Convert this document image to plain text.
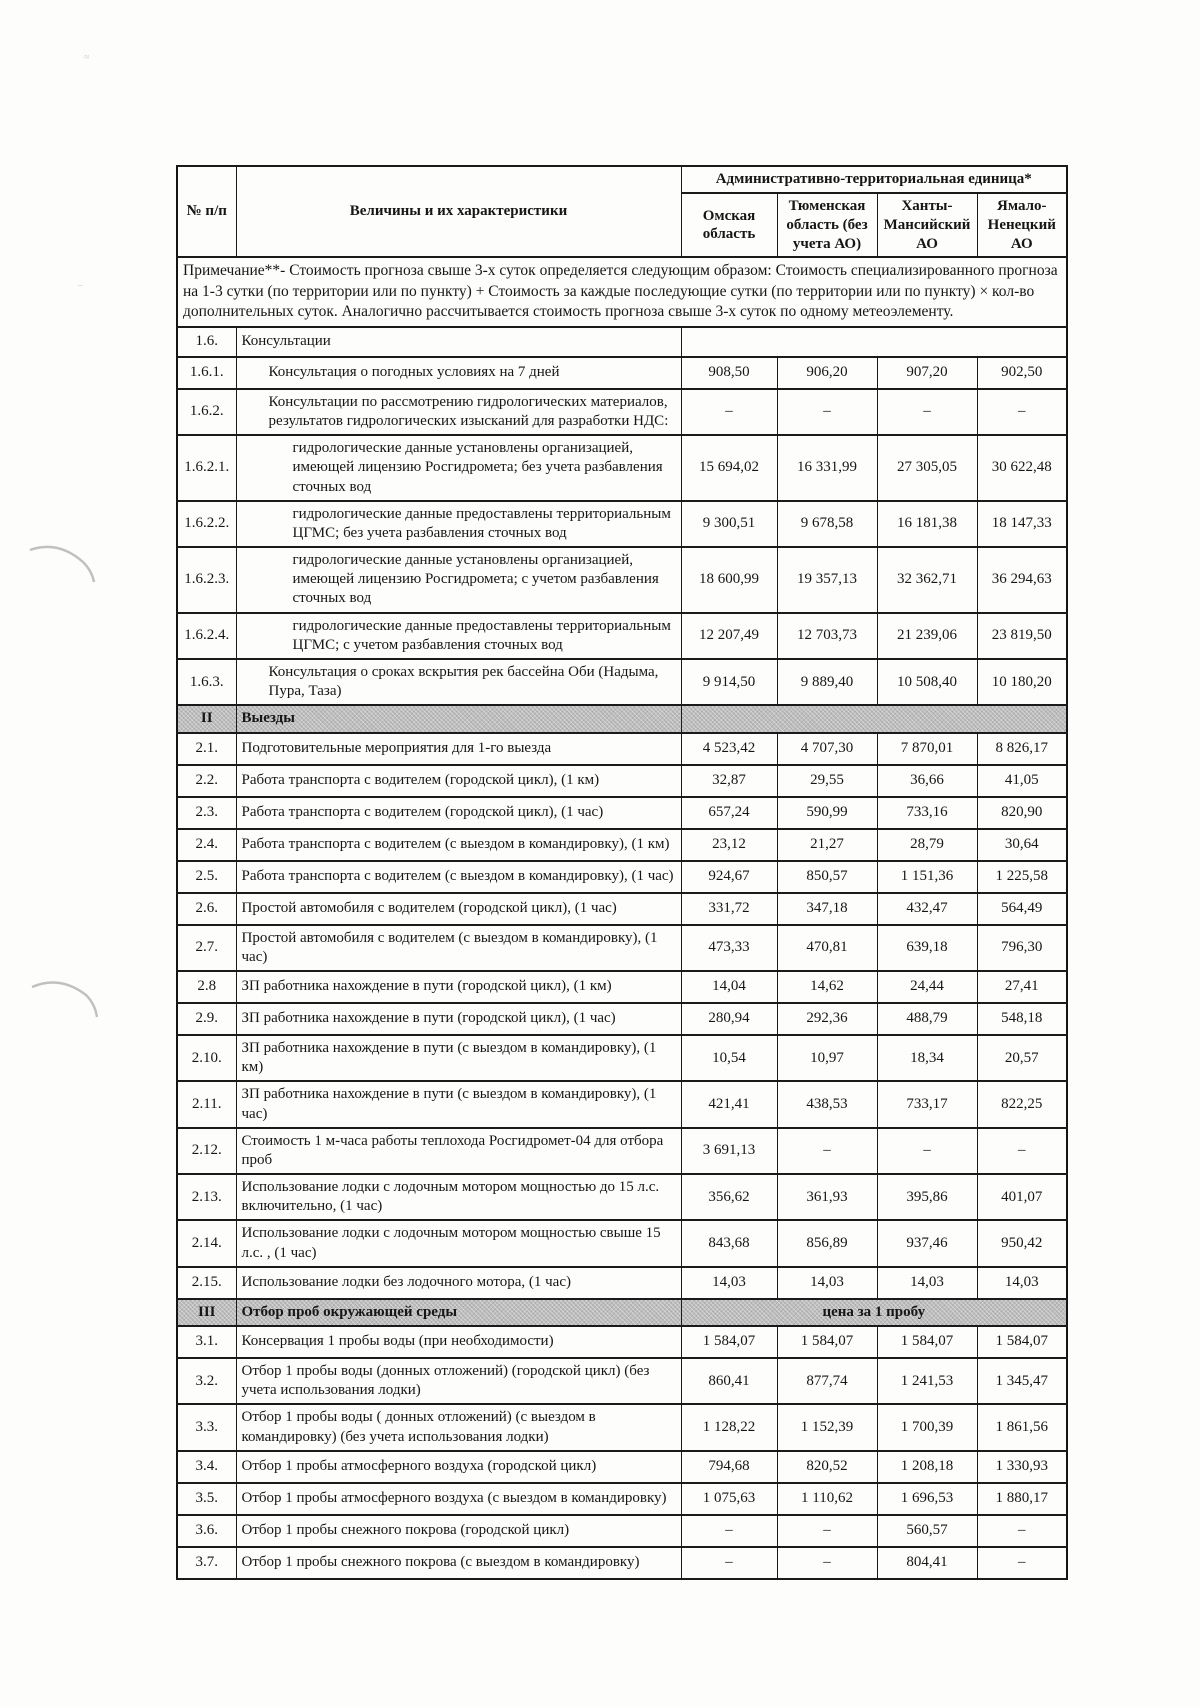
≈
–
№ п/п	Величины и их характеристики	Административно-территориальная единица*			
		Омская область	Тюменская область (без учета АО)	Ханты-Мансийский АО	Ямало-Ненецкий АО
Примечание**- Стоимость прогноза свыше 3-х суток определяется следующим образом: Стоимость специализированного прогноза на 1-3 сутки (по территории или по пункту) + Стоимость за каждые последующие сутки (по территории или по пункту) × кол-во дополнительных суток. Аналогично рассчитывается стоимость прогноза свыше 3-х суток по одному метеоэлементу.					
1.6.	Консультации				
1.6.1.	Консультация о погодных условиях на 7 дней	908,50	906,20	907,20	902,50
1.6.2.	Консультации по рассмотрению гидрологических материалов, результатов гидрологических изысканий для разработки НДС:	–	–	–	–
1.6.2.1.	гидрологические данные установлены организацией, имеющей лицензию Росгидромета; без учета разбавления сточных вод	15 694,02	16 331,99	27 305,05	30 622,48
1.6.2.2.	гидрологические данные предоставлены территориальным ЦГМС; без учета разбавления сточных вод	9 300,51	9 678,58	16 181,38	18 147,33
1.6.2.3.	гидрологические данные установлены организацией, имеющей лицензию Росгидромета; с учетом разбавления сточных вод	18 600,99	19 357,13	32 362,71	36 294,63
1.6.2.4.	гидрологические данные предоставлены территориальным ЦГМС; с учетом разбавления сточных вод	12 207,49	12 703,73	21 239,06	23 819,50
1.6.3.	Консультация о сроках вскрытия рек бассейна Оби (Надыма, Пура, Таза)	9 914,50	9 889,40	10 508,40	10 180,20
II	Выезды				
2.1.	Подготовительные мероприятия для 1-го выезда	4 523,42	4 707,30	7 870,01	8 826,17
2.2.	Работа транспорта с водителем (городской цикл), (1 км)	32,87	29,55	36,66	41,05
2.3.	Работа транспорта с водителем (городской цикл), (1 час)	657,24	590,99	733,16	820,90
2.4.	Работа транспорта с водителем (с выездом в командировку), (1 км)	23,12	21,27	28,79	30,64
2.5.	Работа транспорта с водителем (с выездом в командировку), (1 час)	924,67	850,57	1 151,36	1 225,58
2.6.	Простой автомобиля с водителем (городской цикл), (1 час)	331,72	347,18	432,47	564,49
2.7.	Простой автомобиля с водителем (с выездом в командировку), (1 час)	473,33	470,81	639,18	796,30
2.8	ЗП работника нахождение в пути (городской цикл), (1 км)	14,04	14,62	24,44	27,41
2.9.	ЗП работника нахождение в пути (городской цикл), (1 час)	280,94	292,36	488,79	548,18
2.10.	ЗП работника нахождение в пути (с выездом в командировку), (1 км)	10,54	10,97	18,34	20,57
2.11.	ЗП работника нахождение в пути (с выездом в командировку), (1 час)	421,41	438,53	733,17	822,25
2.12.	Стоимость 1 м-часа работы теплохода Росгидромет-04 для отбора проб	3 691,13	–	–	–
2.13.	Использование лодки с лодочным мотором мощностью до 15 л.с. включительно, (1 час)	356,62	361,93	395,86	401,07
2.14.	Использование лодки с лодочным мотором мощностью свыше 15 л.с. , (1 час)	843,68	856,89	937,46	950,42
2.15.	Использование лодки без лодочного мотора, (1 час)	14,03	14,03	14,03	14,03
III	Отбор проб окружающей среды	цена за 1 пробу			
3.1.	Консервация 1 пробы воды (при необходимости)	1 584,07	1 584,07	1 584,07	1 584,07
3.2.	Отбор 1 пробы воды (донных отложений) (городской цикл) (без учета использования лодки)	860,41	877,74	1 241,53	1 345,47
3.3.	Отбор 1 пробы воды ( донных отложений) (с выездом в командировку) (без учета использования лодки)	1 128,22	1 152,39	1 700,39	1 861,56
3.4.	Отбор 1 пробы атмосферного воздуха (городской цикл)	794,68	820,52	1 208,18	1 330,93
3.5.	Отбор 1 пробы атмосферного воздуха (с выездом в командировку)	1 075,63	1 110,62	1 696,53	1 880,17
3.6.	Отбор 1 пробы снежного покрова (городской цикл)	–	–	560,57	–
3.7.	Отбор 1 пробы снежного покрова (с выездом в командировку)	–	–	804,41	–
